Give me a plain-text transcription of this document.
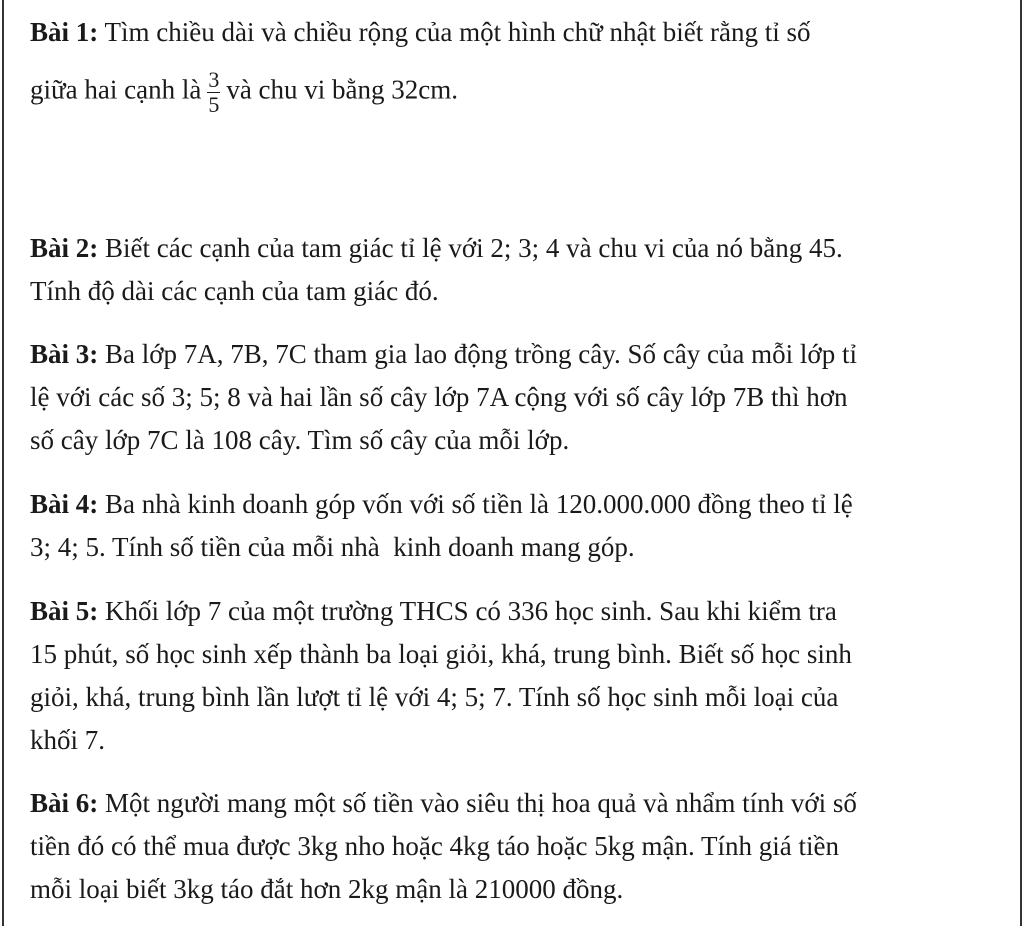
Bài 1: Tìm chiều dài và chiều rộng của một hình chữ nhật biết rằng tỉ số

giữa hai cạnh là $\frac{3}{5}$ và chu vi bằng 32cm.

Bài 2: Biết các cạnh của tam giác tỉ lệ với 2; 3; 4 và chu vi của nó bằng 45.

Tính độ dài các cạnh của tam giác đó.

Bài 3: Ba lớp 7A, 7B, 7C tham gia lao động trồng cây. Số cây của mỗi lớp tỉ

lệ với các số 3; 5; 8 và hai lần số cây lớp 7A cộng với số cây lớp 7B thì hơn

số cây lớp 7C là 108 cây. Tìm số cây của mỗi lớp.

Bài 4: Ba nhà kinh doanh góp vốn với số tiền là 120.000.000 đồng theo tỉ lệ

3; 4; 5. Tính số tiền của mỗi nhà  kinh doanh mang góp.

Bài 5: Khối lớp 7 của một trường THCS có 336 học sinh. Sau khi kiểm tra

15 phút, số học sinh xếp thành ba loại giỏi, khá, trung bình. Biết số học sinh

giỏi, khá, trung bình lần lượt tỉ lệ với 4; 5; 7. Tính số học sinh mỗi loại của

khối 7.

Bài 6: Một người mang một số tiền vào siêu thị hoa quả và nhẩm tính với số

tiền đó có thể mua được 3kg nho hoặc 4kg táo hoặc 5kg mận. Tính giá tiền

mỗi loại biết 3kg táo đắt hơn 2kg mận là 210000 đồng.
